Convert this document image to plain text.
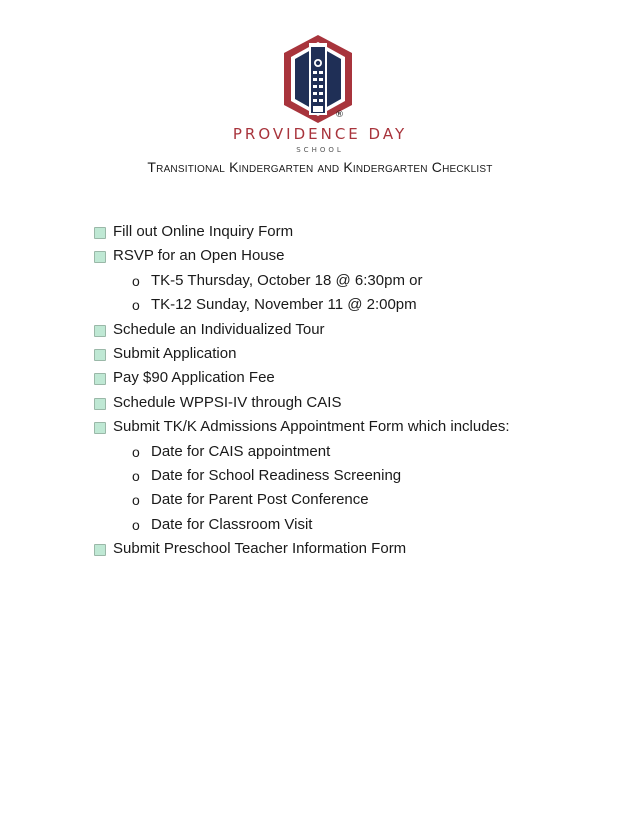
®
PROVIDENCE DAY
SCHOOL
Transitional Kindergarten and Kindergarten Checklist
Fill out Online Inquiry Form
RSVP for an Open House
o TK-5 Thursday, October 18 @ 6:30pm or
o TK-12 Sunday, November 11 @ 2:00pm
Schedule an Individualized Tour
Submit Application
Pay $90 Application Fee
Schedule WPPSI-IV through CAIS
Submit TK/K Admissions Appointment Form which includes:
o Date for CAIS appointment
o Date for School Readiness Screening
o Date for Parent Post Conference
o Date for Classroom Visit
Submit Preschool Teacher Information Form
